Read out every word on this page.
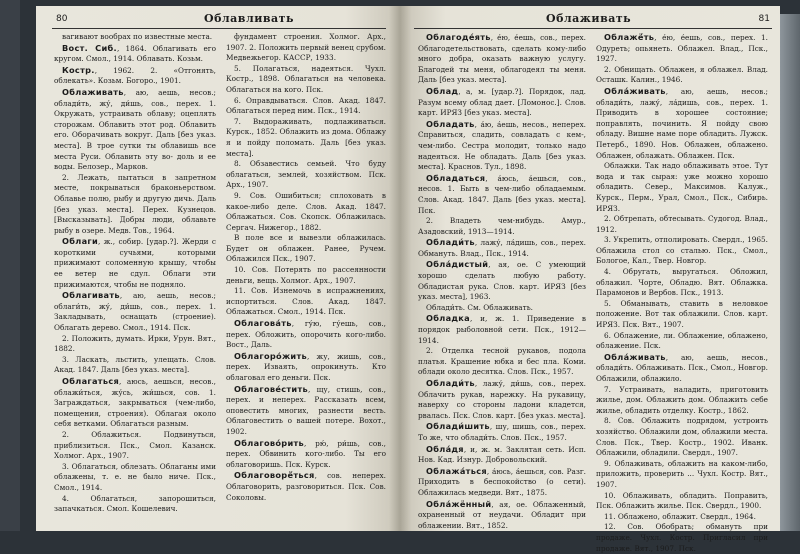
80	Облавливать

вагивают вообрах по известные места.

Вост. Сиб., 1864. Облагивать его кругом. Смол., 1914. Облавать. Козьм.

Костр., 1962. 2. «Отгонять, облекать». Козьм. Богоро., 1901.

Облаживать, аю, аешь, несов.; облади́ть, жу́, ди́шь, сов., перех. 1. Окружать, устраивать облаву; оцеплять сторожам. Облавить этот род. Облавить его. Оборачивать вокруг. Даль [без указ. места]. В трое сутки ты облавишь все места Руси. Облавить эту во- доль и ее воды. Белозер., Марков.

2. Лежать, пытаться в запретном месте, покрываться браконьерством. Облавье полю, рыбу и другую дичь. Даль [без указ. места]. Перех. Кузнецов. [Высказывать]. Добры люди, облавьте рыбу в озере. Медв. Тов., 1964.

Облаги, ж., собир. [удар.?]. Жерди с короткими сучьями, которыми прижимают соломенную крышу, чтобы ее ветер не сдул. Облаги эти прижимаются, чтобы не подняло.

Облагивать, аю, аешь, несов.; облаги́ть, жу́, ди́шь, сов., перех. 1. Закладывать, оснащать (строение). Облагать дерево. Смол., 1914. Пск.

2. Положить, думать. Ирки, Урун. Вят., 1882.

3. Ласкать, льстить, улещать. Слов. Акад. 1847. Даль [без указ. места].

Облагаться, аюсь, аешься, несов., облажи́ться, жу́сь, жи́шься, сов. 1. Заграждаться, закрываться (чем-либо, помещения, строения). Облагая около себя ветками. Облагаться разным.

2. Облажиться. Подвинуться, приблизиться. Пск., Смол. Казанск. Холмог. Арх., 1907.

3. Облагаться, облезать. Облаганы ими облажены, т. е. не было ниче. Пск., Смол., 1914.

4. Облагаться, запорошиться, запачкаться. Смол. Кошелевич.

фундамент строения. Холмог. Арх., 1907. 2. Положить первый венец срубом. Медвежьегор. КАССР, 1933.

5. Полагаться, надеяться. Чухл. Костр., 1898. Облагаться на человека. Облагаться на кого. Пск.

6. Оправдываться. Слов. Акад. 1847. Облагаться перед ним. Пск., 1914.

7. Выдораживать, подлаживаться. Курск., 1852. Облажить из дома. Облажу я и пойду поломать. Даль [без указ. места].

8. Обзавестись семьей. Что буду облагаться, землей, хозяйством. Пск. Арх., 1907.

9. Сов. Ошибиться; сплоховать в какое-либо деле. Слов. Акад. 1847. Облажаться. Сов. Скопск. Облажилась. Сергач. Нижегор., 1882.

В поле все и вывезли облажилась. Будет он облажен. Ранее, Ручем. Облажился Пск., 1907.

10. Сов. Потерять по рассеянности деньги, вещь. Холмог. Арх., 1907.

11. Сов. Изнемочь в испражнениях, испортиться. Слов. Акад. 1847. Облажаться. Смол., 1914. Пск.

Облагова́ть, гу́ю, гу́ешь, сов., перех. Обложить, опорочить кого-либо. Вост., Даль.

Облагоро́жить, жу, жишь, сов., перех. Изваять, опрокинуть. Кто облаговал его деньги. Пск.

Облагове́стить, щу, стишь, сов., перех. и неперех. Рассказать всем, оповестить многих, разнести весть. Облаговестить о вашей потере. Вохот., 1902.

Облагово́рить, рю́, ри́шь, сов., перех. Обвинить кого-либо. Ты его облаговоришь. Пск. Курск.

Облаговорё́ться, сов. неперех. Облаговорить, разговориться. Пск. Сов. Соколовы.

Облаживать	81

Облагоде́ять, е́ю, е́ешь, сов., перех. Облагодетельствовать, сделать кому-либо много добра, оказать важную услугу. Благодей ты меня, облагодеял ты меня. Даль [без указ. места].

Облад, а, м. [удар.?]. Порядок, лад. Разум всему облад дает. [Ломонос.]. Слов. карт. ИРЯЗ [без указ. места].

Обладать, а́ю, а́ешь, несов., неперех. Справиться, сладить, совладать с кем-, чем-либо. Сестра молодит, только надо надеяться. Не обладать. Даль [без указ. места]. Краснов. Тул., 1898.

Обладаться, а́юсь, а́ешься, сов., несов. 1. Быть в чем-либо обладаемым. Слов. Акад. 1847. Даль [без указ. места]. Пск.

2. Владеть чем-нибудь. Амур., Азадовский, 1913—1914.

Облади́ть, лажу́, ла́дишь, сов., перех. Обмануть. Влад., Пск., 1914.

Обла́дистый, ая, ое. С умеющий хорошо сделать любую работу. Обладистая рука. Слов. карт. ИРЯЗ [без указ. места], 1963.

Облади́ть. См. Облаживать.

Обладка, и, ж. 1. Приведение в порядок рыболовной сети. Пск., 1912—1914.

2. Отделка тесной рукавов, подола платья. Крашение юбка и бес пла. Коми. облади около десятка. Слов. Пск., 1957.

Облади́ть, лажу́, ди́шь, сов., перех. Облачить рукав, нарежку. На рукавицу, наверху со стороны ладони кладется, рвалась. Пск. Слов. карт. [без указ. места].

Облади́шить, шу, шишь, сов., перех. То же, что облади́ть. Слов. Пск., 1957.

Обла́дя, и, ж. м. Заклятая сеть. Исп. Нов. Кад. Изнур. Добровольский.

Облажа́ться, а́юсь, а́ешься, сов. Разг. Приходить в беспокойство (о сети). Облажилась медведи. Вят., 1875.

Обла́жённый, ая, ое. Облаженный, охраненный от неудачи. Обладит при облажении. Вят., 1852.

Облажё́ть, е́ю, е́ешь, сов., перех. 1. Одуреть; опьянеть. Облажел. Влад., Пск., 1927.

2. Обнищать. Облажен, я облажел. Влад. Осташк. Калин., 1946.

Обла́живать, аю, аешь, несов.; облади́ть, лажу́, ла́дишь, сов., перех. 1. Приводить в хорошее состояние; поправлять, починить. Я пойду свою обладу. Вишне наме поре обладить. Лужск. Петерб., 1890. Нов. Облажен, облажено. Облажен, облажать. Облажен. Пск.

Облажки. Так надо облаживать этое. Тут вода и так сырая: уже можно хорошо обладить. Север., Максимов. Калуж., Курск., Перм., Урал, Смол., Пск., Сибирь. ИРЯЗ.

2. Обтрепать, обтесывать. Судогод. Влад., 1912.

3. Укрепить, отполировать. Свердл., 1965. Облажила стол со сталью. Пск., Смол., Бологое, Кал., Твер. Новгор.

4. Обругать, выругаться. Обложил, облажил. Чорте, Обладю. Вят. Облажка. Парамонов и Вербов. Пск., 1913.

5. Обманывать, ставить в неловкое положение. Вот так облажили. Слов. карт. ИРЯЗ. Пск. Вят., 1907.

6. Облажение, ли. Облажение, облажено, облажение. Пск.

Обла́живать, аю, аешь, несов., облади́ть. Облаживать. Пск., Смол., Новгор. Облажили, облажило.

7. Устраивать, наладить, приготовить жилье, дом. Облажить дом. Облажить себе жилье, обладить отделку. Костр., 1862.

8. Сов. Облажить подрядом, устроить хозяйство. Облажили дом, облажили места. Слов. Пск., Твер. Костр., 1902. Иванк. Облажили, обладили. Свердл., 1907.

9. Облаживать, облажить на каком-либо, приложить, проверить ... Чухл. Костр. Вят., 1907.

10. Облаживать, обладить. Поправить, Пск. Облажить жилье. Пск. Свердл., 1900.

11. Облажено, облажит. Свердл., 1964.

12. Сов. Обобрать; обмануть при продаже. Чухл. Костр. Пригласил при продаже. Вят., 1907. Пск.
